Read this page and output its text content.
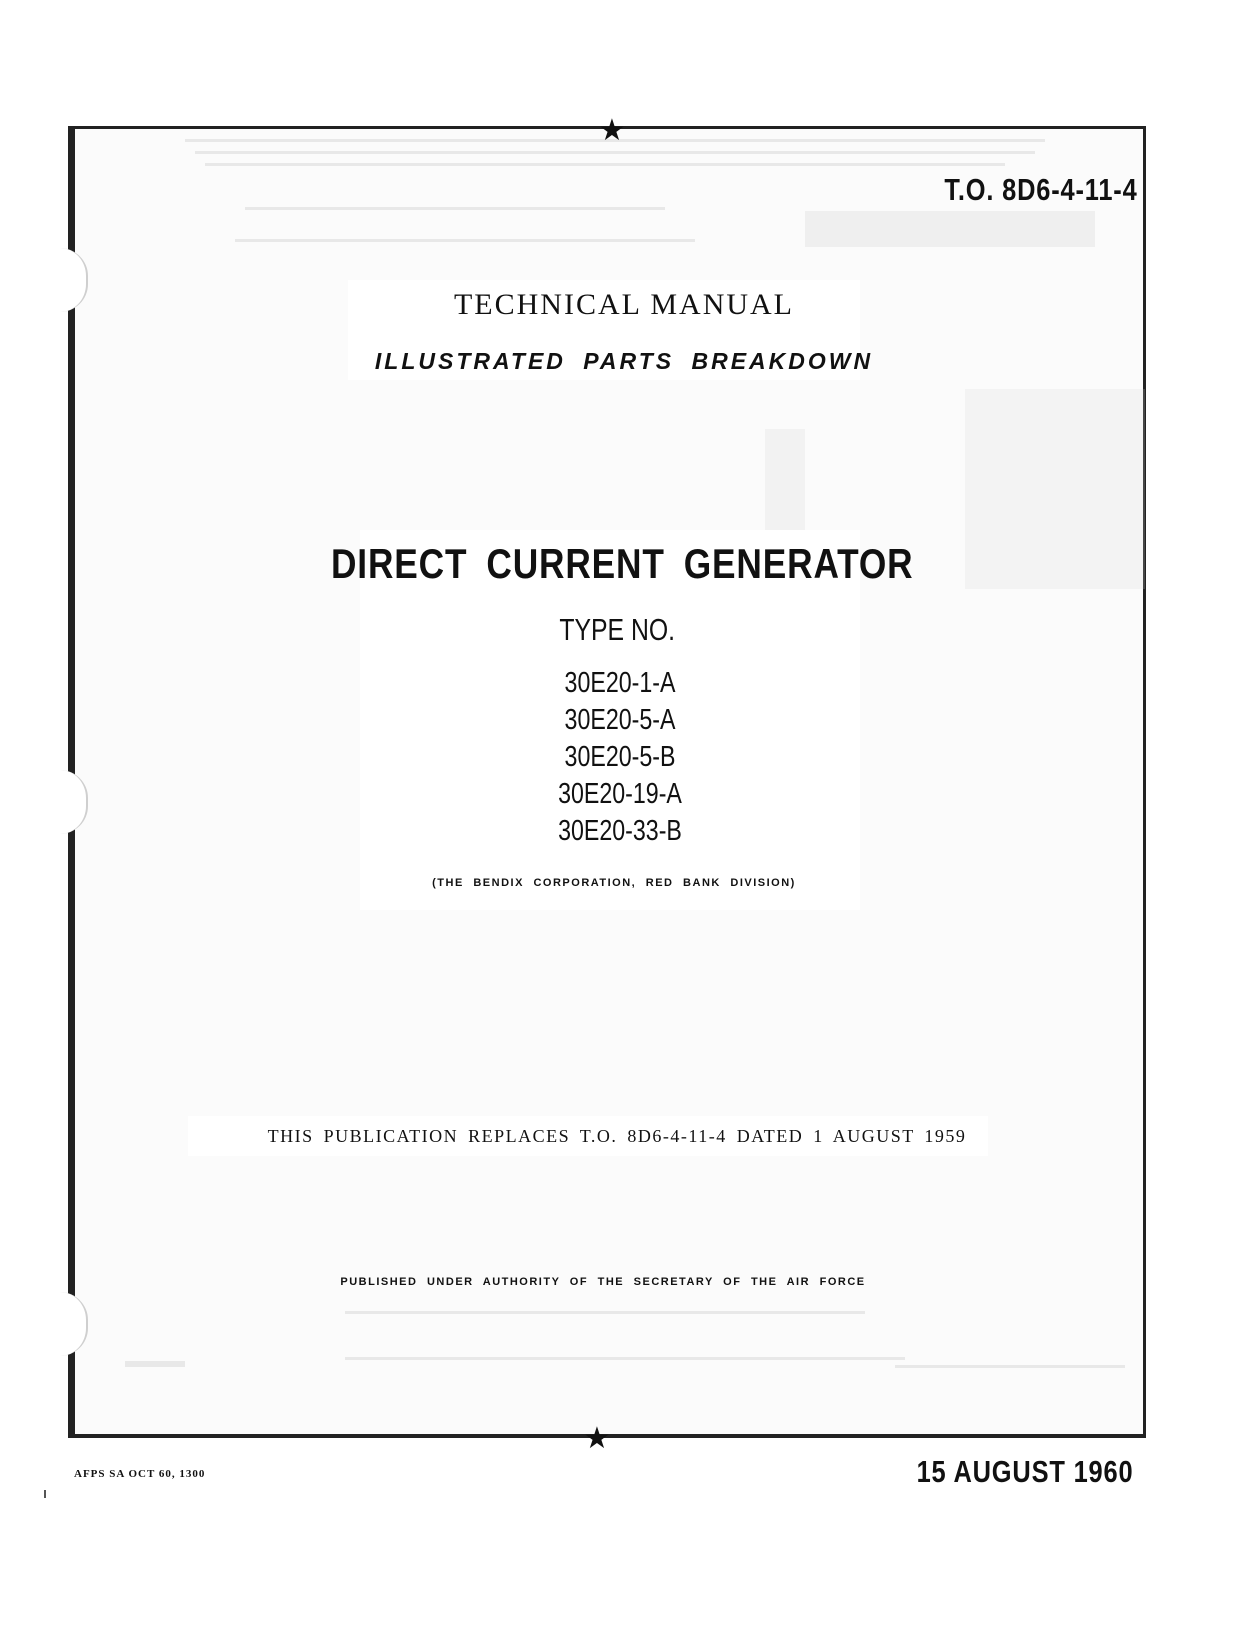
★
★
T.O. 8D6-4-11-4
TECHNICAL MANUAL
ILLUSTRATED PARTS BREAKDOWN
DIRECT CURRENT GENERATOR
TYPE NO.
30E20-1-A
30E20-5-A
30E20-5-B
30E20-19-A
30E20-33-B
(THE BENDIX CORPORATION, RED BANK DIVISION)
THIS PUBLICATION REPLACES T.O. 8D6-4-11-4 DATED 1 AUGUST 1959
PUBLISHED UNDER AUTHORITY OF THE SECRETARY OF THE AIR FORCE
AFPS SA OCT 60, 1300	15 AUGUST 1960
